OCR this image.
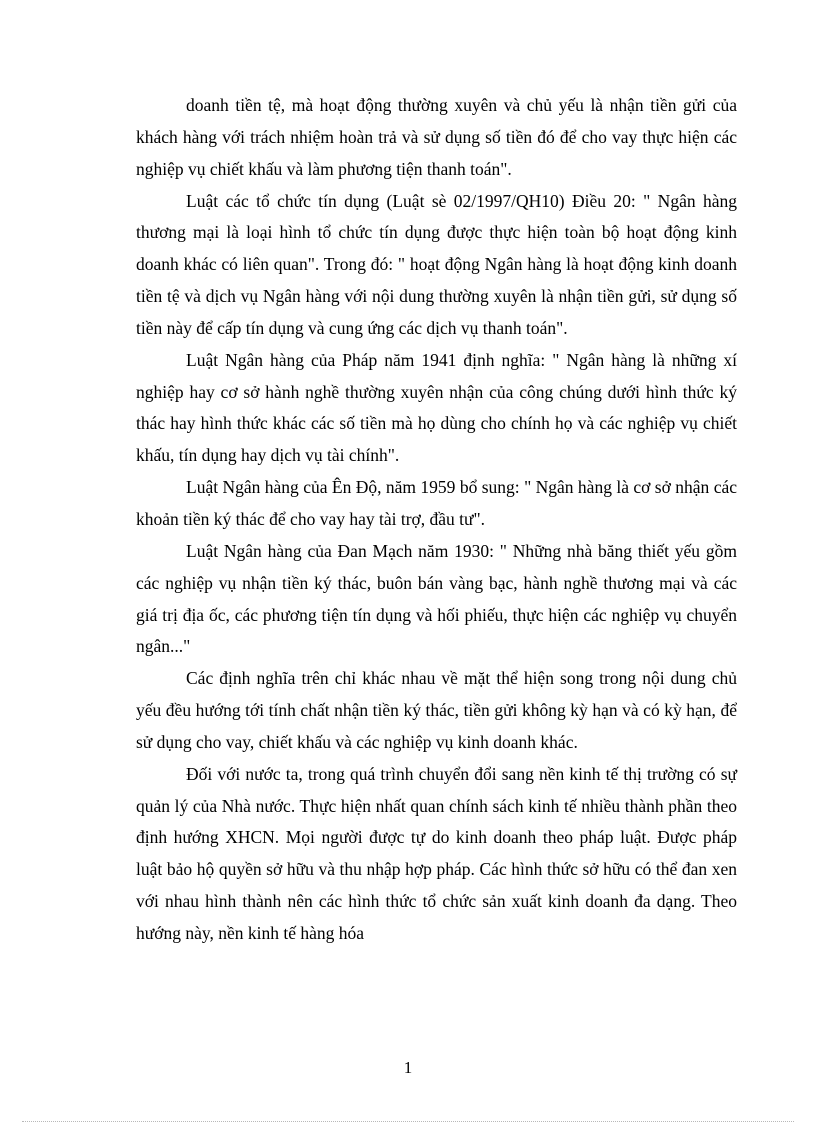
doanh tiền tệ, mà hoạt động thường xuyên và chủ yếu là nhận tiền gửi của khách hàng với trách nhiệm hoàn trả và sử dụng số tiền đó để cho vay thực hiện các nghiệp vụ chiết khấu và làm phương tiện thanh toán".

Luật các tổ chức tín dụng (Luật sè 02/1997/QH10) Điều 20: " Ngân hàng thương mại là loại hình tổ chức tín dụng được thực hiện toàn bộ hoạt động kinh doanh khác có liên quan". Trong đó: " hoạt động Ngân hàng là hoạt động kinh doanh tiền tệ và dịch vụ Ngân hàng với nội dung thường xuyên là nhận tiền gửi, sử dụng số tiền này để cấp tín dụng và cung ứng các dịch vụ thanh toán".

Luật Ngân hàng của Pháp năm 1941 định nghĩa: " Ngân hàng là những xí nghiệp hay cơ sở hành nghề thường xuyên nhận của công chúng dưới hình thức ký thác hay hình thức khác các số tiền mà họ dùng cho chính họ và các nghiệp vụ chiết khấu, tín dụng hay dịch vụ tài chính".

Luật Ngân hàng của Ên Độ, năm 1959 bổ sung: " Ngân hàng là cơ sở nhận các khoản tiền ký thác để cho vay hay tài trợ, đầu tư".

Luật Ngân hàng của Đan Mạch năm 1930: " Những nhà băng thiết yếu gồm các nghiệp vụ nhận tiền ký thác, buôn bán vàng bạc, hành nghề thương mại và các giá trị địa ốc, các phương tiện tín dụng và hối phiếu, thực hiện các nghiệp vụ chuyển ngân..."

Các định nghĩa trên chỉ khác nhau về mặt thể hiện song trong nội dung chủ yếu đều hướng tới tính chất nhận tiền ký thác, tiền gửi không kỳ hạn và có kỳ hạn, để sử dụng cho vay, chiết khấu và các nghiệp vụ kinh doanh khác.

Đối với nước ta, trong quá trình chuyển đổi sang nền kinh tế thị trường có sự quản lý của Nhà nước. Thực hiện nhất quan chính sách kinh tế nhiều thành phần theo định hướng XHCN. Mọi người được tự do kinh doanh theo pháp luật. Được pháp luật bảo hộ quyền sở hữu và thu nhập hợp pháp. Các hình thức sở hữu có thể đan xen với nhau hình thành nên các hình thức tổ chức sản xuất kinh doanh đa dạng. Theo hướng này, nền kinh tế hàng hóa

1
